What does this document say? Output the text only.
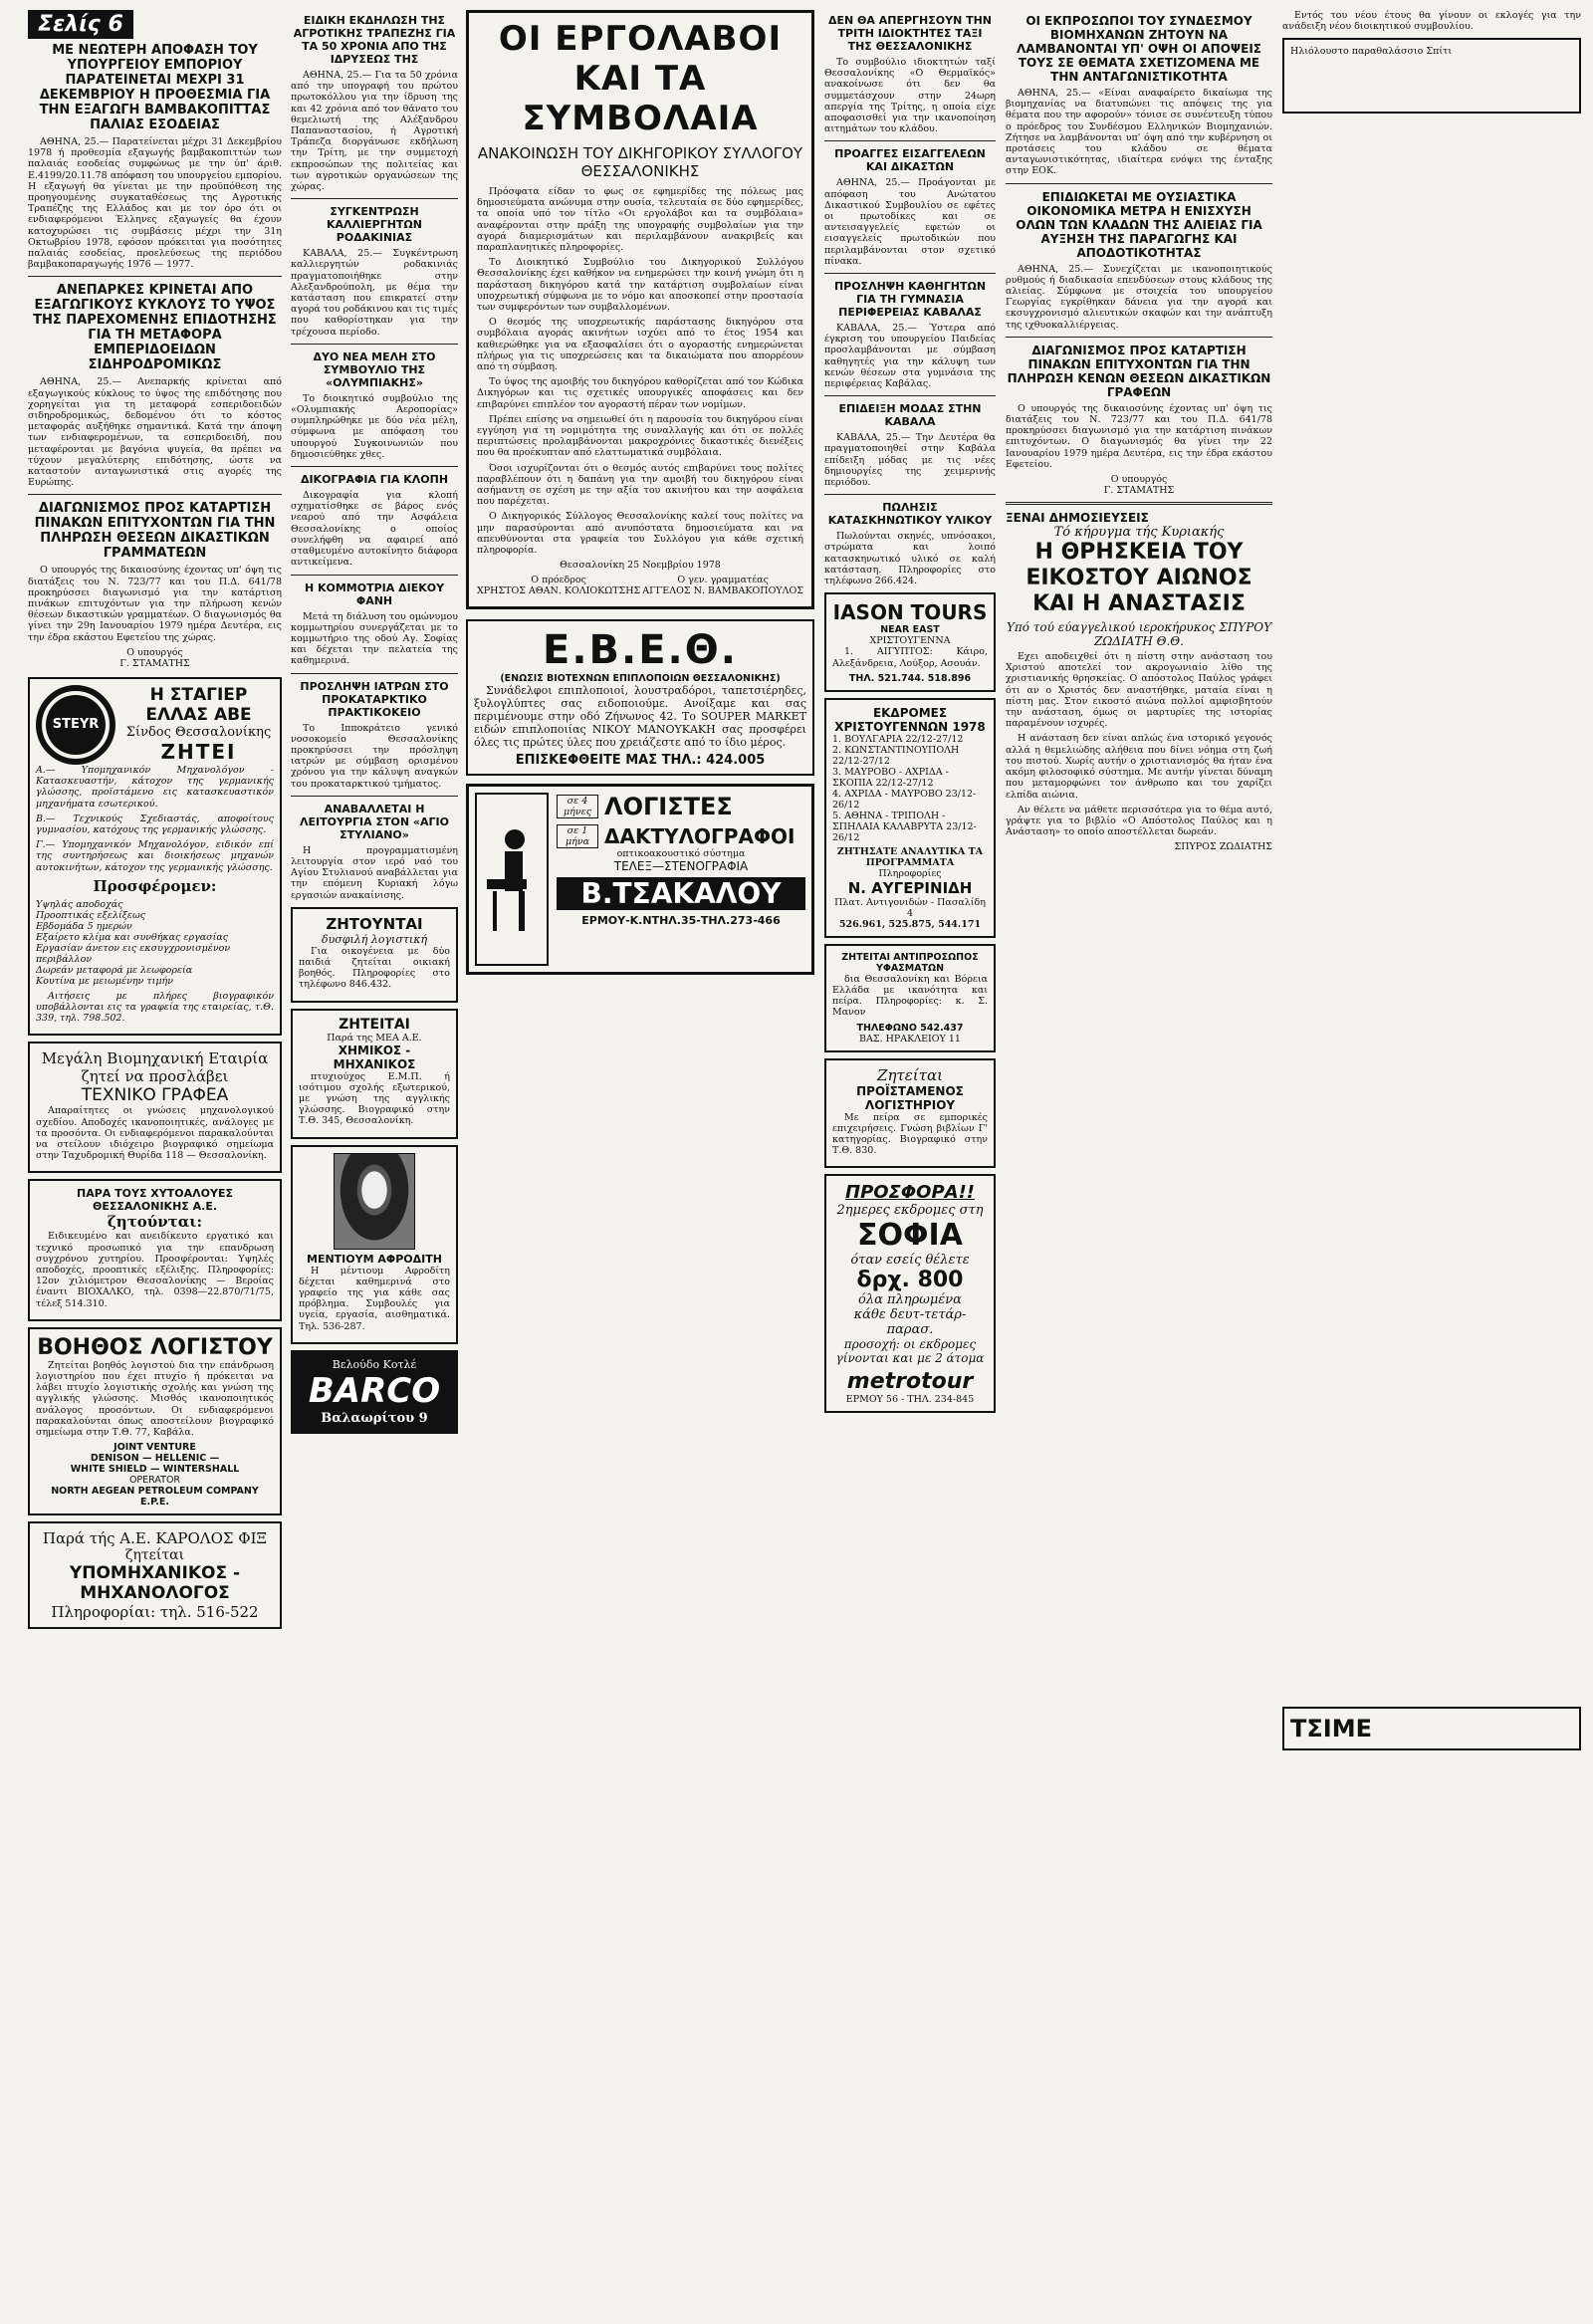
Σελίς 6
ΜΕ ΝΕΩΤΕΡΗ ΑΠΟΦΑΣΗ ΤΟΥ ΥΠΟΥΡΓΕΙΟΥ ΕΜΠΟΡΙΟΥ ΠΑΡΑΤΕΙΝΕΤΑΙ ΜΕΧΡΙ 31 ΔΕΚΕΜΒΡΙΟΥ Η ΠΡΟΘΕΣΜΙΑ ΓΙΑ ΤΗΝ ΕΞΑΓΩΓΗ ΒΑΜΒΑΚΟΠΙΤΤΑΣ ΠΑΛΙΑΣ ΕΣΟΔΕΙΑΣ

ΑΘΗΝΑ, 25.— Παρατείνεται μέχρι 31 Δεκεμβρίου 1978 ή προθεσμία εξαγωγής βαμβακοπιττών των παλαιάς εσοδείας συμφώνως με την ύπ' άριθ. Ε.4199/20.11.78 απόφαση του υπουργείου εμπορίου. Η εξαγωγή θα γίνεται με την προϋπόθεση της προηγουμένης συγκαταθέσεως της Αγροτικής Τραπέζης της Ελλάδος και με τον όρο ότι οι ενδιαφερόμενοι Έλληνες εξαγωγείς θα έχουν κατοχυρώσει τις συμβάσεις μέχρι την 31η Οκτωβρίου 1978, εφόσον πρόκειται για ποσότητες παλαιάς εσοδείας, προελεύσεως της περιόδου βαμβακοπαραγωγής 1976 — 1977.

ΑΝΕΠΑΡΚΕΣ ΚΡΙΝΕΤΑΙ ΑΠΟ ΕΞΑΓΩΓΙΚΟΥΣ ΚΥΚΛΟΥΣ ΤΟ ΥΨΟΣ ΤΗΣ ΠΑΡΕΧΟΜΕΝΗΣ ΕΠΙΔΟΤΗΣΗΣ ΓΙΑ ΤΗ ΜΕΤΑΦΟΡΑ ΕΜΠΕΡΙΔΟΕΙΔΩΝ ΣΙΔΗΡΟΔΡΟΜΙΚΩΣ

ΑΘΗΝΑ, 25.— Ανεπαρκής κρίνεται από εξαγωγικούς κύκλους το ύψος της επιδότησης που χορηγείται για τη μεταφορά εσπεριδοειδών σιδηροδρομικώς, δεδομένου ότι το κόστος μεταφοράς αυξήθηκε σημαντικά. Κατά την άποψη των ενδιαφερομένων, τα εσπεριδοειδή, που μεταφέρονται με βαγόνια ψυγεία, θα πρέπει να τύχουν μεγαλύτερης επιδότησης, ώστε να καταστούν ανταγωνιστικά στις αγορές της Ευρώπης.

ΔΙΑΓΩΝΙΣΜΟΣ ΠΡΟΣ ΚΑΤΑΡΤΙΣΗ ΠΙΝΑΚΩΝ ΕΠΙΤΥΧΟΝΤΩΝ ΓΙΑ ΤΗΝ ΠΛΗΡΩΣΗ ΘΕΣΕΩΝ ΔΙΚΑΣΤΙΚΩΝ ΓΡΑΜΜΑΤΕΩΝ

Ο υπουργός της δικαιοσύνης έχοντας υπ' όψη τις διατάξεις του Ν. 723/77 και του Π.Δ. 641/78 προκηρύσσει διαγωνισμό για την κατάρτιση πινάκων επιτυχόντων για την πλήρωση κενών θέσεων δικαστικών γραμματέων. Ο διαγωνισμός θα γίνει την 29η Ιανουαρίου 1979 ημέρα Δευτέρα, εις την έδρα εκάστου Εφετείου της χώρας.

Ο υπουργός
Γ. ΣΤΑΜΑΤΗΣ
STEYR
Η ΣΤΑΓΙΕΡ ΕΛΛΑΣ ΑΒΕ
Σίνδος Θεσσαλονίκης
ΖΗΤΕΙ

Α.— Υπομηχανικόν Μηχανολόγον - Κατασκευαστήν, κάτοχον της γερμανικής γλώσσης, προϊστάμενο εις κατασκευαστικόν μηχανήματα εσωτερικού.

Β.— Τεχνικούς Σχεδιαστάς, αποφοίτους γυμνασίου, κατόχους της γερμανικής γλώσσης.

Γ.— Υπομηχανικόν Μηχανολόγον, ειδικόν επί της συντηρήσεως και διοικήσεως μηχανών αυτοκινήτων, κάτοχον της γερμανικής γλώσσης.

Προσφέρομεν:
Υψηλάς αποδοχάς
Προοπτικάς εξελίξεως
Εβδομάδα 5 ημερών
Εξαίρετο κλίμα και συνθήκας εργασίας
Εργασίαν άνετον εις εκσυγχρονισμένον περιβάλλον
Δωρεάν μεταφορά με λεωφορεία
Κουτίνα με μειωμένην τιμήν

Αιτήσεις με πλήρες βιογραφικόν υποβάλλονται εις τα γραφεία της εταιρείας, τ.Θ. 339, τηλ. 798.502.

Μεγάλη Βιομηχανική Εταιρία
ζητεί να προσλάβει
ΤΕΧΝΙΚΟ ΓΡΑΦΕΑ

Απαραίτητες οι γνώσεις μηχανολογικού σχεδίου. Αποδοχές ικανοποιητικές, ανάλογες με τα προσόντα. Οι ενδιαφερόμενοι παρακαλούνται να στείλουν ιδιόχειρο βιογραφικό σημείωμα στην Ταχυδρομική Θυρίδα 118 — Θεσσαλονίκη.

ΠΑΡΑ ΤΟΥΣ ΧΥΤΟΑΛΟΥΕΣ ΘΕΣΣΑΛΟΝΙΚΗΣ Α.Ε.
ζητούνται:

Ειδικευμένο και ανειδίκευτο εργατικό και τεχνικό προσωπικό για την επανδρωση συγχρόνου χυτηρίου. Προσφέρονται: Υψηλές αποδοχές, προοπτικές εξέλιξης. Πληροφορίες: 12ον χιλιόμετρον Θεσσαλονίκης — Βεροίας έναντι ΒΙΟΧΑΛΚΟ, τηλ. 0398—22.870/71/75, τέλεξ 514.310.

ΒΟΗΘΟΣ ΛΟΓΙΣΤΟΥ

Ζητείται βοηθός λογιστού δια την επάνδρωση λογιστηρίου που έχει πτυχίο ή πρόκειται να λάβει πτυχίο λογιστικής σχολής και γνώση της αγγλικής γλώσσης. Μισθός ικανοποιητικός ανάλογος προσόντων. Οι ενδιαφερόμενοι παρακαλούνται όπως αποστείλουν βιογραφικό σημείωμα στην Τ.Θ. 77, Καβάλα.

JOINT VENTURE
DENISON — HELLENIC —
WHITE SHIELD — WINTERSHALL
OPERATOR
NORTH AEGEAN PETROLEUM COMPANY E.P.E.
Παρά τής Α.Ε. ΚΑΡΟΛΟΣ ΦΙΞ
ζητείται
ΥΠΟΜΗΧΑΝΙΚΟΣ - ΜΗΧΑΝΟΛΟΓΟΣ
Πληροφορίαι: τηλ. 516-522
ΕΙΔΙΚΗ ΕΚΔΗΛΩΣΗ ΤΗΣ ΑΓΡΟΤΙΚΗΣ ΤΡΑΠΕΖΗΣ ΓΙΑ ΤΑ 50 ΧΡΟΝΙΑ ΑΠΟ ΤΗΣ ΙΔΡΥΣΕΩΣ ΤΗΣ

ΑΘΗΝΑ, 25.— Για τα 50 χρόνια από την υπογραφή του πρώτου πρωτοκόλλου για την ίδρυση της και 42 χρόνια από τον θάνατο του θεμελιωτή της Αλέξανδρου Παπαναστασίου, ή Αγροτική Τράπεζα διοργάνωσε εκδήλωση την Τρίτη, με την συμμετοχή εκπροσώπων της πολιτείας και των αγροτικών οργανώσεων της χώρας.

ΣΥΓΚΕΝΤΡΩΣΗ ΚΑΛΛΙΕΡΓΗΤΩΝ ΡΟΔΑΚΙΝΙΑΣ

ΚΑΒΑΛΑ, 25.— Συγκέντρωση καλλιεργητών ροδακινιάς πραγματοποιήθηκε στην Αλεξανδρούπολη, με θέμα την κατάσταση που επικρατεί στην αγορά του ροδάκινου και τις τιμές που καθορίστηκαν για την τρέχουσα περίοδο.

ΔΥΟ ΝΕΑ ΜΕΛΗ ΣΤΟ ΣΥΜΒΟΥΛΙΟ ΤΗΣ «ΟΛΥΜΠΙΑΚΗΣ»

Το διοικητικό συμβούλιο της «Ολυμπιακής Αεροπορίας» συμπληρώθηκε με δύο νέα μέλη, σύμφωνα με απόφαση του υπουργού Συγκοινωνιών που δημοσιεύθηκε χθες.

ΔΙΚΟΓΡΑΦΙΑ ΓΙΑ ΚΛΟΠΗ

Δικογραφία για κλοπή σχηματίσθηκε σε βάρος ενός νεαρού από την Ασφάλεια Θεσσαλονίκης ο οποίος συνελήφθη να αφαιρεί από σταθμευμένο αυτοκίνητο διάφορα αντικείμενα.

Η ΚΟΜΜΟΤΡΙΑ ΔΙΕΚΟΥ ΦΑΝΗ

Μετά τη διάλυση του ομώνυμου κομμωτηρίου συνεργάζεται με το κομμωτήριο της οδού Αγ. Σοφίας και δέχεται την πελατεία της καθημερινά.

ΠΡΟΣΛΗΨΗ ΙΑΤΡΩΝ ΣΤΟ ΠΡΟΚΑΤΑΡΚΤΙΚΟ ΠΡΑΚΤΙΚΟΚΕΙΟ

Το Ιπποκράτειο γενικό νοσοκομείο Θεσσαλονίκης προκηρύσσει την πρόσληψη ιατρών με σύμβαση ορισμένου χρόνου για την κάλυψη αναγκών του προκαταρκτικού τμήματος.

ΑΝΑΒΑΛΛΕΤΑΙ Η ΛΕΙΤΟΥΡΓΙΑ ΣΤΟΝ «ΑΓΙΟ ΣΤΥΛΙΑΝΟ»

Η προγραμματισμένη λειτουργία στον ιερό ναό του Αγίου Στυλιανού αναβάλλεται για την επόμενη Κυριακή λόγω εργασιών ανακαίνισης.

ΖΗΤΟΥΝΤΑΙ
δυσφιλή λογιστική

Για οικογένεια με δύο παιδιά ζητείται οικιακή βοηθός. Πληροφορίες στο τηλέφωνο 846.432.

ΖΗΤΕΙΤΑΙ
Παρά της ΜΕΑ Α.Ε.
ΧΗΜΙΚΟΣ - ΜΗΧΑΝΙΚΟΣ

πτυχιούχος Ε.Μ.Π. ή ισότιμου σχολής εξωτερικού, με γνώση της αγγλικής γλώσσης. Βιογραφικό στην Τ.Θ. 345, Θεσσαλονίκη.

ΜΕΝΤΙΟΥΜ ΑΦΡΟΔΙΤΗ

Η μέντιουμ Αφροδίτη δέχεται καθημερινά στο γραφείο της για κάθε σας πρόβλημα. Συμβουλές για υγεία, εργασία, αισθηματικά. Τηλ. 536-287.

Βελούδο Κοτλέ
BARCO
Βαλαωρίτου 9
ΟΙ ΕΡΓΟΛΑΒΟΙ ΚΑΙ ΤΑ ΣΥΜΒΟΛΑΙΑ
ΑΝΑΚΟΙΝΩΣΗ ΤΟΥ ΔΙΚΗΓΟΡΙΚΟΥ ΣΥΛΛΟΓΟΥ ΘΕΣΣΑΛΟΝΙΚΗΣ

Πρόσφατα είδαν το φως σε εφημερίδες της πόλεως μας δημοσιεύματα ανώνυμα στην ουσία, τελευταία σε δύο εφημερίδες, τα οποία υπό τον τίτλο «Οι εργολάβοι και τα συμβόλαια» αναφέρονται στην πράξη της υπογραφής συμβολαίων για την αγορά διαμερισμάτων και περιλαμβάνουν ανακριβείς και παραπλανητικές πληροφορίες.

Το Διοικητικό Συμβούλιο του Δικηγορικού Συλλόγου Θεσσαλονίκης έχει καθήκον να ενημερώσει την κοινή γνώμη ότι η παράσταση δικηγόρου κατά την κατάρτιση συμβολαίων είναι υποχρεωτική σύμφωνα με το νόμο και αποσκοπεί στην προστασία των συμφερόντων των συμβαλλομένων.

Ο θεσμός της υποχρεωτικής παράστασης δικηγόρου στα συμβόλαια αγοράς ακινήτων ισχύει από το έτος 1954 και καθιερώθηκε για να εξασφαλίσει ότι ο αγοραστής ενημερώνεται πλήρως για τις υποχρεώσεις και τα δικαιώματα που απορρέουν από τη σύμβαση.

Το ύψος της αμοιβής του δικηγόρου καθορίζεται από τον Κώδικα Δικηγόρων και τις σχετικές υπουργικές αποφάσεις και δεν επιβαρύνει επιπλέον τον αγοραστή πέραν των νομίμων.

Πρέπει επίσης να σημειωθεί ότι η παρουσία του δικηγόρου είναι εγγύηση για τη νομιμότητα της συναλλαγής και ότι σε πολλές περιπτώσεις προλαμβάνονται μακροχρόνιες δικαστικές διενέξεις που θα προέκυπταν από ελαττωματικά συμβόλαια.

Όσοι ισχυρίζονται ότι ο θεσμός αυτός επιβαρύνει τους πολίτες παραβλέπουν ότι η δαπάνη για την αμοιβή του δικηγόρου είναι ασήμαντη σε σχέση με την αξία του ακινήτου και την ασφάλεια που παρέχεται.

Ο Δικηγορικός Σύλλογος Θεσσαλονίκης καλεί τους πολίτες να μην παρασύρονται από ανυπόστατα δημοσιεύματα και να απευθύνονται στα γραφεία του Συλλόγου για κάθε σχετική πληροφορία.

Θεσσαλονίκη 25 Νοεμβρίου 1978
Ο πρόεδρος
ΧΡΗΣΤΟΣ ΑΘΑΝ. ΚΟΛΙΟΚΩΤΣΗΣ
Ο γεν. γραμματέας
ΑΓΓΕΛΟΣ Ν. ΒΑΜΒΑΚΟΠΟΥΛΟΣ
Ε.Β.Ε.Θ.
(ΕΝΩΣΙΣ ΒΙΟΤΕΧΝΩΝ ΕΠΙΠΛΟΠΟΙΩΝ ΘΕΣΣΑΛΟΝΙΚΗΣ)

Συνάδελφοι επιπλοποιοί, λουστραδόροι, ταπετσιέρηδες, ξυλογλύπτες σας ειδοποιούμε. Ανοίξαμε και σας περιμένουμε στην οδό Ζήνωνος 42. Το SOUPER MARKET ειδών επιπλοποιίας ΝΙΚΟΥ ΜΑΝΟΥΚΑΚΗ σας προσφέρει όλες τις πρώτες ύλες που χρειάζεστε από το ίδιο μέρος.

ΕΠΙΣΚΕΦΘΕΙΤΕ ΜΑΣ ΤΗΛ.: 424.005
σε 4 μήνες ΛΟΓΙΣΤΕΣ
σε 1 μήνα ΔΑΚΤΥΛΟΓΡΑΦΟΙ
οπτικοακουστικό σύστημα
ΤΕΛΕΞ—ΣΤΕΝΟΓΡΑΦΙΑ
Β.ΤΣΑΚΑΛΟΥ
ΕΡΜΟΥ-Κ.ΝΤΗΛ.35-ΤΗΛ.273-466
ΔΕΝ ΘΑ ΑΠΕΡΓΗΣΟΥΝ ΤΗΝ ΤΡΙΤΗ ΙΔΙΟΚΤΗΤΕΣ ΤΑΞΙ ΤΗΣ ΘΕΣΣΑΛΟΝΙΚΗΣ

Το συμβούλιο ιδιοκτητών ταξί Θεσσαλονίκης «Ο Θερμαϊκός» ανακοίνωσε ότι δεν θα συμμετάσχουν στην 24ωρη απεργία της Τρίτης, η οποία είχε αποφασισθεί για την ικανοποίηση αιτημάτων του κλάδου.

ΠΡΟΑΓΓΕΣ ΕΙΣΑΓΓΕΛΕΩΝ ΚΑΙ ΔΙΚΑΣΤΩΝ

ΑΘΗΝΑ, 25.— Προάγονται με απόφαση του Ανώτατου Δικαστικού Συμβουλίου σε εφέτες οι πρωτοδίκες και σε αντεισαγγελείς εφετών οι εισαγγελείς πρωτοδικών που περιλαμβάνονται στον σχετικό πίνακα.

ΠΡΟΣΛΗΨΗ ΚΑΘΗΓΗΤΩΝ ΓΙΑ ΤΗ ΓΥΜΝΑΣΙΑ ΠΕΡΙΦΕΡΕΙΑΣ ΚΑΒΑΛΑΣ

ΚΑΒΑΛΑ, 25.— Ύστερα από έγκριση του υπουργείου Παιδείας προσλαμβάνονται με σύμβαση καθηγητές για την κάλυψη των κενών θέσεων στα γυμνάσια της περιφέρειας Καβάλας.

ΕΠΙΔΕΙΞΗ ΜΟΔΑΣ ΣΤΗΝ ΚΑΒΑΛΑ

ΚΑΒΑΛΑ, 25.— Την Δευτέρα θα πραγματοποιηθεί στην Καβάλα επίδειξη μόδας με τις νέες δημιουργίες της χειμερινής περιόδου.

ΠΩΛΗΣΙΣ ΚΑΤΑΣΚΗΝΩΤΙΚΟΥ ΥΛΙΚΟΥ

Πωλούνται σκηνές, υπνόσακοι, στρώματα και λοιπό κατασκηνωτικό υλικό σε καλή κατάσταση. Πληροφορίες στο τηλέφωνο 266.424.

IASON TOURS
NEAR EAST
ΧΡΙΣΤΟΥΓΕΝΝΑ

1. ΑΙΓΥΠΤΟΣ: Κάιρο, Αλεξάνδρεια, Λούξορ, Ασουάν.

ΤΗΛ. 521.744. 518.896
ΕΚΔΡΟΜΕΣ ΧΡΙΣΤΟΥΓΕΝΝΩΝ 1978
1. ΒΟΥΛΓΑΡΙΑ 22/12-27/12
2. ΚΩΝΣΤΑΝΤΙΝΟΥΠΟΛΗ 22/12-27/12
3. ΜΑΥΡΟΒΟ - ΑΧΡΙΔΑ - ΣΚΟΠΙΑ 22/12-27/12
4. ΑΧΡΙΔΑ - ΜΑΥΡΟΒΟ 23/12-26/12
5. ΑΘΗΝΑ - ΤΡΙΠΟΛΗ - ΣΠΗΛΑΙΑ ΚΑΛΑΒΡΥΤΑ 23/12-26/12
ΖΗΤΗΣΑΤΕ ΑΝΑΛΥΤΙΚΑ ΤΑ ΠΡΟΓΡΑΜΜΑΤΑ
Πληροφορίες
Ν. ΑΥΓΕΡΙΝΙΔΗ
Πλατ. Αντιγονιδών - Πασαλίδη 4
526.961, 525.875, 544.171
ΖΗΤΕΙΤΑΙ ΑΝΤΙΠΡΟΣΩΠΟΣ ΥΦΑΣΜΑΤΩΝ

δια Θεσσαλονίκη και Βόρεια Ελλάδα με ικανότητα και πείρα. Πληροφορίες: κ. Σ. Μανον

ΤΗΛΕΦΩΝΟ 542.437
ΒΑΣ. ΗΡΑΚΛΕΙΟΥ 11
Ζητείται
ΠΡΟΪΣΤΑΜΕΝΟΣ ΛΟΓΙΣΤΗΡΙΟΥ

Με πείρα σε εμπορικές επιχειρήσεις. Γνώση βιβλίων Γ' κατηγορίας. Βιογραφικό στην Τ.Θ. 830.

ΠΡΟΣΦΟΡΑ!!
2ημερες εκδρομες στη
ΣΟΦΙΑ
όταν εσείς θέλετε
δρχ. 800
όλα πληρωμένα
κάθε δευτ-τετάρ-παρασ.
προσοχή: οι εκδρομες γίνονται και με 2 άτομα
metrotour
ΕΡΜΟΥ 56 - ΤΗΛ. 234-845
ΟΙ ΕΚΠΡΟΣΩΠΟΙ ΤΟΥ ΣΥΝΔΕΣΜΟΥ ΒΙΟΜΗΧΑΝΩΝ ΖΗΤΟΥΝ ΝΑ ΛΑΜΒΑΝΟΝΤΑΙ ΥΠ' ΟΨΗ ΟΙ ΑΠΟΨΕΙΣ ΤΟΥΣ ΣΕ ΘΕΜΑΤΑ ΣΧΕΤΙΖΟΜΕΝΑ ΜΕ ΤΗΝ ΑΝΤΑΓΩΝΙΣΤΙΚΟΤΗΤΑ

ΑΘΗΝΑ, 25.— «Είναι αναφαίρετο δικαίωμα της βιομηχανίας να διατυπώνει τις απόψεις της για θέματα που την αφορούν» τόνισε σε συνέντευξη τύπου ο πρόεδρος του Συνδέσμου Ελληνικών Βιομηχανιών. Ζήτησε να λαμβάνονται υπ' όψη από την κυβέρνηση οι προτάσεις του κλάδου σε θέματα ανταγωνιστικότητας, ιδιαίτερα ενόψει της ένταξης στην ΕΟΚ.

ΕΠΙΔΙΩΚΕΤΑΙ ΜΕ ΟΥΣΙΑΣΤΙΚΑ ΟΙΚΟΝΟΜΙΚΑ ΜΕΤΡΑ Η ΕΝΙΣΧΥΣΗ ΟΛΩΝ ΤΩΝ ΚΛΑΔΩΝ ΤΗΣ ΑΛΙΕΙΑΣ ΓΙΑ ΑΥΞΗΣΗ ΤΗΣ ΠΑΡΑΓΩΓΗΣ ΚΑΙ ΑΠΟΔΟΤΙΚΟΤΗΤΑΣ

ΑΘΗΝΑ, 25.— Συνεχίζεται με ικανοποιητικούς ρυθμούς ή διαδικασία επενδύσεων στους κλάδους της αλιείας. Σύμφωνα με στοιχεία του υπουργείου Γεωργίας εγκρίθηκαν δάνεια για την αγορά και εκσυγχρονισμό αλιευτικών σκαφών και την ανάπτυξη της ιχθυοκαλλιέργειας.

ΔΙΑΓΩΝΙΣΜΟΣ ΠΡΟΣ ΚΑΤΑΡΤΙΣΗ ΠΙΝΑΚΩΝ ΕΠΙΤΥΧΟΝΤΩΝ ΓΙΑ ΤΗΝ ΠΛΗΡΩΣΗ ΚΕΝΩΝ ΘΕΣΕΩΝ ΔΙΚΑΣΤΙΚΩΝ ΓΡΑΦΕΩΝ

Ο υπουργός της δικαιοσύνης έχοντας υπ' όψη τις διατάξεις του Ν. 723/77 και του Π.Δ. 641/78 προκηρύσσει διαγωνισμό για την κατάρτιση πινάκων επιτυχόντων. Ο διαγωνισμός θα γίνει την 22 Ιανουαρίου 1979 ημέρα Δευτέρα, εις την έδρα εκάστου Εφετείου.

Ο υπουργός
Γ. ΣΤΑΜΑΤΗΣ
ΞΕΝΑΙ ΔΗΜΟΣΙΕΥΣΕΙΣ
Τό κήρυγμα τής Κυριακής
Η ΘΡΗΣΚΕΙΑ ΤΟΥ ΕΙΚΟΣΤΟΥ ΑΙΩΝΟΣ ΚΑΙ Η ΑΝΑΣΤΑΣΙΣ
Υπό τού εύαγγελικού ιεροκήρυκος ΣΠΥΡΟΥ ΖΩΔΙΑΤΗ Θ.Θ.

Εχει αποδειχθεί ότι η πίστη στην ανάσταση του Χριστού αποτελεί τον ακρογωνιαίο λίθο της χριστιανικής θρησκείας. Ο απόστολος Παύλος γράφει ότι αν ο Χριστός δεν αναστήθηκε, ματαία είναι η πίστη μας. Στον εικοστό αιώνα πολλοί αμφισβητούν την ανάσταση, όμως οι μαρτυρίες της ιστορίας παραμένουν ισχυρές.

Η ανάσταση δεν είναι απλώς ένα ιστορικό γεγονός αλλά η θεμελιώδης αλήθεια που δίνει νόημα στη ζωή του πιστού. Χωρίς αυτήν ο χριστιανισμός θα ήταν ένα ακόμη φιλοσοφικό σύστημα. Με αυτήν γίνεται δύναμη που μεταμορφώνει τον άνθρωπο και του χαρίζει ελπίδα αιώνια.

Αν θέλετε να μάθετε περισσότερα για το θέμα αυτό, γράψτε για το βιβλίο «Ο Απόστολος Παύλος και η Ανάσταση» το οποίο αποστέλλεται δωρεάν.

ΣΠΥΡΟΣ ΖΩΔΙΑΤΗΣ

Εντός του νέου έτους θα γίνουν οι εκλογές για την ανάδειξη νέου διοικητικού συμβουλίου.

Ηλιόλουστο παραθαλάσσιο Σπίτι
ΤΣΙΜΕ
